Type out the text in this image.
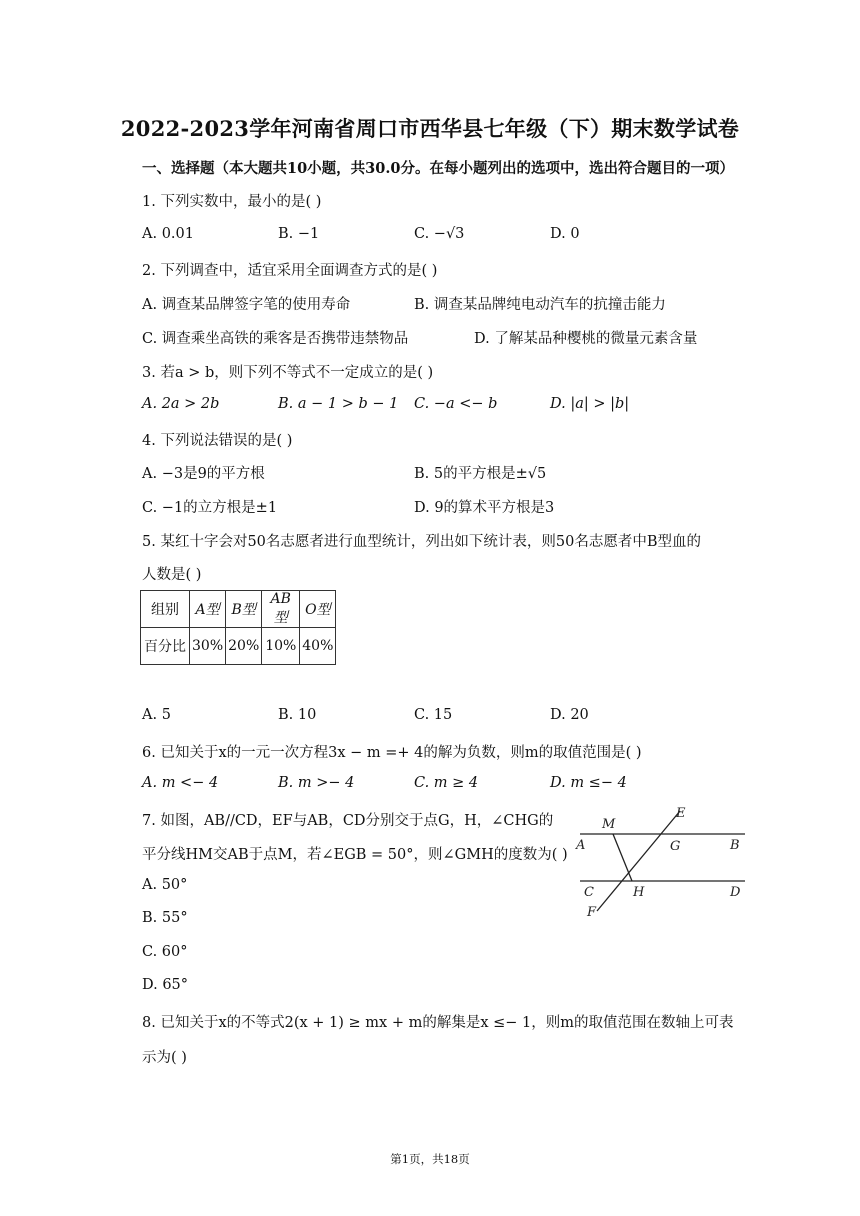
2022-2023学年河南省周口市西华县七年级（下）期末数学试卷
一、选择题（本大题共10小题，共30.0分。在每小题列出的选项中，选出符合题目的一项）
1. 下列实数中，最小的是( )
A. 0.01	B. −1	C. −√3	D. 0
2. 下列调查中，适宜采用全面调查方式的是( )
A. 调查某品牌签字笔的使用寿命	B. 调查某品牌纯电动汽车的抗撞击能力
C. 调查乘坐高铁的乘客是否携带违禁物品	D. 了解某品种樱桃的微量元素含量
3. 若a > b，则下列不等式不一定成立的是( )
A. 2a > 2b	B. a − 1 > b − 1 C. −a <− b	D. |a| > |b|
4. 下列说法错误的是( )
A. −3是9的平方根	B. 5的平方根是±√5
C. −1的立方根是±1	D. 9的算术平方根是3
5. 某红十字会对50名志愿者进行血型统计，列出如下统计表，则50名志愿者中B型血的
人数是( )
组别	A型	B型	AB型	O型
百分比	30%	20%	10%	40%
A. 5	B. 10	C. 15	D. 20
6. 已知关于x的一元一次方程3x − m =+ 4的解为负数，则m的取值范围是( )
A. m <− 4	B. m >− 4	C. m ≥ 4	D. m ≤− 4
7. 如图，AB//CD，EF与AB，CD分别交于点G，H，∠CHG的
平分线HM交AB于点M，若∠EGB = 50°，则∠GMH的度数为( )
A. 50°
B. 55°
C. 60°
D. 65°
M
E
A	G	B
C	H	D
F
8. 已知关于x的不等式2(x + 1) ≥ mx + m的解集是x ≤− 1，则m的取值范围在数轴上可表
示为( )
第1页，共18页
